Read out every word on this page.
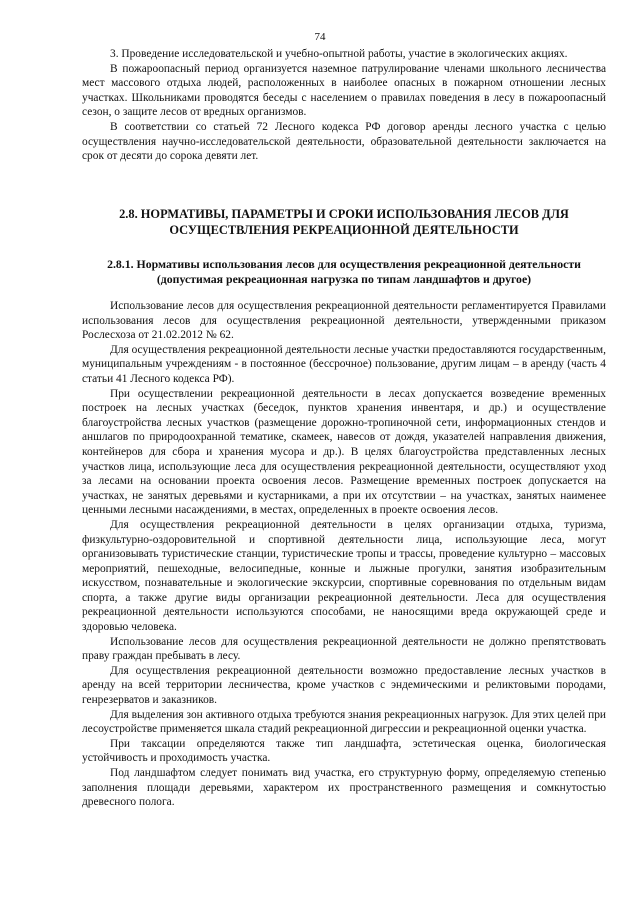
74

3. Проведение исследовательской и учебно-опытной работы, участие в экологических акциях.

В пожароопасный период организуется наземное патрулирование членами школьного лесничества мест массового отдыха людей, расположенных в наиболее опасных в пожарном отношении лесных участках. Школьниками проводятся беседы с населением о правилах поведения в лесу в пожароопасный сезон, о защите лесов от вредных организмов.

В соответствии со статьей 72 Лесного кодекса РФ договор аренды лесного участка с целью осуществления научно-исследовательской деятельности, образовательной деятельности заключается на срок от десяти до сорока девяти лет.

2.8. НОРМАТИВЫ, ПАРАМЕТРЫ И СРОКИ ИСПОЛЬЗОВАНИЯ ЛЕСОВ ДЛЯ ОСУЩЕСТВЛЕНИЯ РЕКРЕАЦИОННОЙ ДЕЯТЕЛЬНОСТИ
2.8.1. Нормативы использования лесов для осуществления рекреационной деятельности (допустимая рекреационная нагрузка по типам ландшафтов и другое)

Использование лесов для осуществления рекреационной деятельности регламентируется Правилами использования лесов для осуществления рекреационной деятельности, утвержденными приказом Рослесхоза от 21.02.2012 № 62.

Для осуществления рекреационной деятельности лесные участки предоставляются государственным, муниципальным учреждениям - в постоянное (бессрочное) пользование, другим лицам – в аренду (часть 4 статьи 41 Лесного кодекса РФ).

При осуществлении рекреационной деятельности в лесах допускается возведение временных построек на лесных участках (беседок, пунктов хранения инвентаря, и др.) и осуществление благоустройства лесных участков (размещение дорожно-тропиночной сети, информационных стендов и аншлагов по природоохранной тематике, скамеек, навесов от дождя, указателей направления движения, контейнеров для сбора и хранения мусора и др.). В целях благоустройства представленных лесных участков лица, использующие леса для осуществления рекреационной деятельности, осуществляют уход за лесами на основании проекта освоения лесов. Размещение временных построек допускается на участках, не занятых деревьями и кустарниками, а при их отсутствии – на участках, занятых наименее ценными лесными насаждениями, в местах, определенных в проекте освоения лесов.

Для осуществления рекреационной деятельности в целях организации отдыха, туризма, физкультурно-оздоровительной и спортивной деятельности лица, использующие леса, могут организовывать туристические станции, туристические тропы и трассы, проведение культурно – массовых мероприятий, пешеходные, велосипедные, конные и лыжные прогулки, занятия изобразительным искусством, познавательные и экологические экскурсии, спортивные соревнования по отдельным видам спорта, а также другие виды организации рекреационной деятельности. Леса для осуществления рекреационной деятельности используются способами, не наносящими вреда окружающей среде и здоровью человека.

Использование лесов для осуществления рекреационной деятельности не должно препятствовать праву граждан пребывать в лесу.

Для осуществления рекреационной деятельности возможно предоставление лесных участков в аренду на всей территории лесничества, кроме участков с эндемическими и реликтовыми породами, генрезерватов и заказников.

Для выделения зон активного отдыха требуются знания рекреационных нагрузок. Для этих целей при лесоустройстве применяется шкала стадий рекреационной дигрессии и рекреационной оценки участка.

При таксации определяются также тип ландшафта, эстетическая оценка, биологическая устойчивость и проходимость участка.

Под ландшафтом следует понимать вид участка, его структурную форму, определяемую степенью заполнения площади деревьями, характером их пространственного размещения и сомкнутостью древесного полога.
